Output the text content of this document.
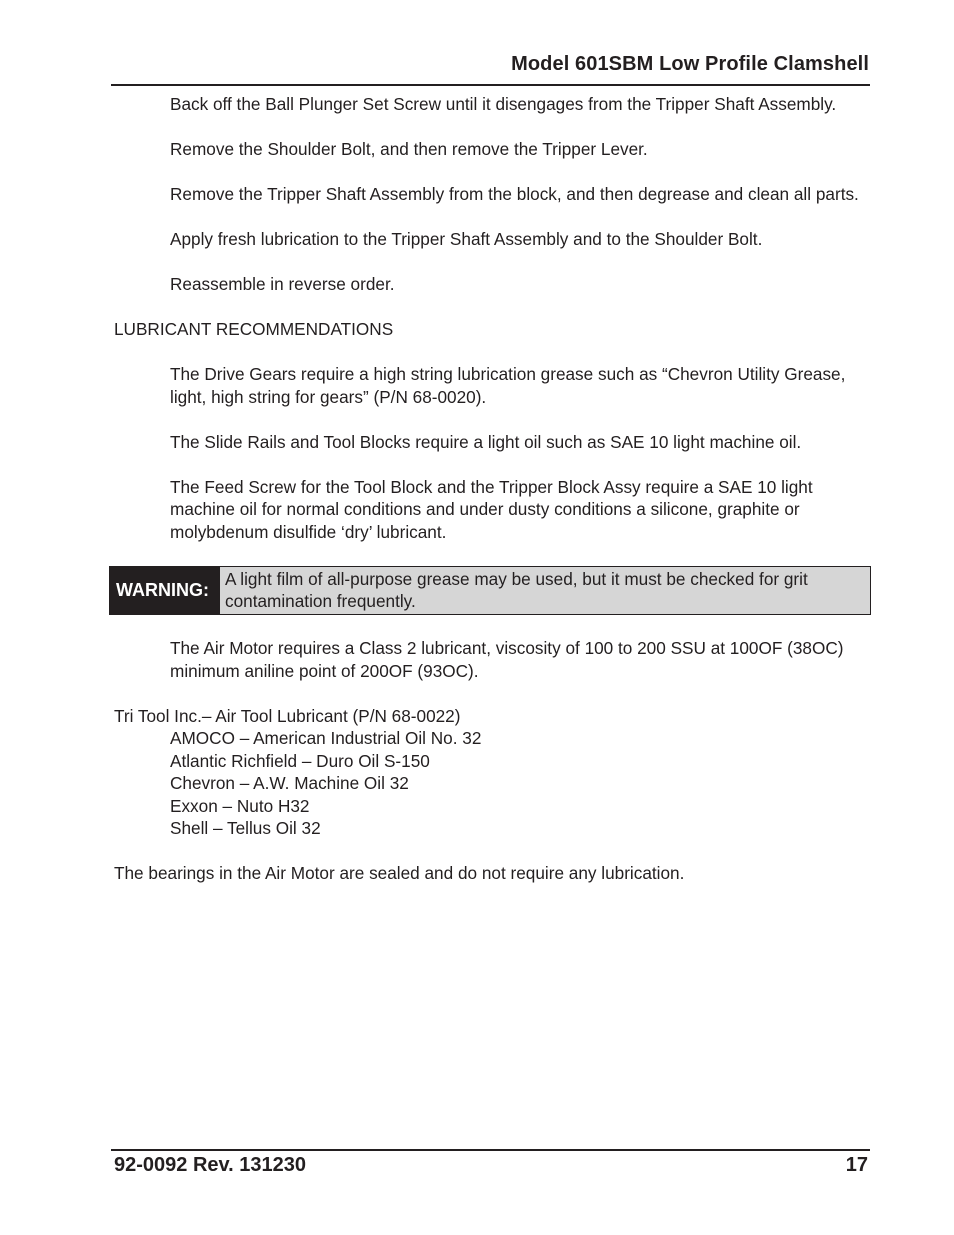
Model 601SBM Low Profile Clamshell

Back off the Ball Plunger Set Screw until it disengages from the Tripper Shaft Assembly.

Remove the Shoulder Bolt, and then remove the Tripper Lever.

Remove the Tripper Shaft Assembly from the block, and then degrease and clean all parts.

Apply fresh lubrication to the Tripper Shaft Assembly and to the Shoulder Bolt.

Reassemble in reverse order.

LUBRICANT RECOMMENDATIONS

The Drive Gears require a high string lubrication grease such as “Chevron Utility Grease, light, high string for gears” (P/N 68-0020).

The Slide Rails and Tool Blocks require a light oil such as SAE 10 light machine oil.

The Feed Screw for the Tool Block and the Tripper Block Assy require a SAE 10 light machine oil for normal conditions and under dusty conditions a silicone, graphite or molybdenum disulfide ‘dry’ lubricant.

WARNING:
A light film of all-purpose grease may be used, but it must be checked for grit contamination frequently.

The Air Motor requires a Class 2 lubricant, viscosity of 100 to 200 SSU at 100OF (38OC) minimum aniline point of 200OF (93OC).

Tri Tool Inc.– Air Tool Lubricant (P/N 68-0022)

AMOCO – American Industrial Oil No. 32

Atlantic Richfield – Duro Oil S-150

Chevron – A.W. Machine Oil 32

Exxon – Nuto H32

Shell – Tellus Oil 32

The bearings in the Air Motor are sealed and do not require any lubrication.

92-0092 Rev. 131230	17
